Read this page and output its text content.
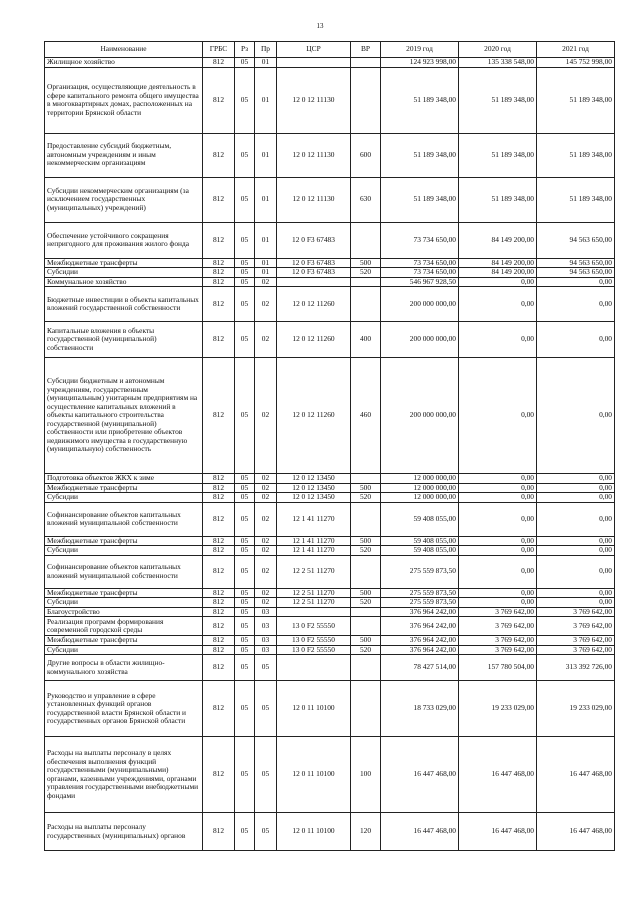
13
Наименование	ГРБС	Рз	Пр	ЦСР	ВР	2019 год	2020 год	2021 год
Жилищное хозяйство	812	05	01			124 923 998,00	135 338 548,00	145 752 998,00
Организация, осуществляющие деятельность в сфере капитального ремонта общего имущества в многоквартирных домах, расположенных на территории Брянской области	812	05	01	12 0 12 11130		51 189 348,00	51 189 348,00	51 189 348,00
Предоставление субсидий бюджетным, автономным учреждениям и иным некоммерческим организациям	812	05	01	12 0 12 11130	600	51 189 348,00	51 189 348,00	51 189 348,00
Субсидии некоммерческим организациям (за исключением государственных (муниципальных) учреждений)	812	05	01	12 0 12 11130	630	51 189 348,00	51 189 348,00	51 189 348,00
Обеспечение устойчивого сокращения непригодного для проживания жилого фонда	812	05	01	12 0 F3 67483		73 734 650,00	84 149 200,00	94 563 650,00
Межбюджетные трансферты	812	05	01	12 0 F3 67483	500	73 734 650,00	84 149 200,00	94 563 650,00
Субсидии	812	05	01	12 0 F3 67483	520	73 734 650,00	84 149 200,00	94 563 650,00
Коммунальное хозяйство	812	05	02			546 967 928,50	0,00	0,00
Бюджетные инвестиции в объекты капитальных вложений государственной собственности	812	05	02	12 0 12 11260		200 000 000,00	0,00	0,00
Капитальные вложения в объекты государственной (муниципальной) собственности	812	05	02	12 0 12 11260	400	200 000 000,00	0,00	0,00
Субсидии бюджетным и автономным учреждениям, государственным (муниципальным) унитарным предприятиям на осуществление капитальных вложений в объекты капитального строительства государственной (муниципальной) собственности или приобретение объектов недвижимого имущества в государственную (муниципальную) собственность	812	05	02	12 0 12 11260	460	200 000 000,00	0,00	0,00
Подготовка объектов ЖКХ к зиме	812	05	02	12 0 12 13450		12 000 000,00	0,00	0,00
Межбюджетные трансферты	812	05	02	12 0 12 13450	500	12 000 000,00	0,00	0,00
Субсидии	812	05	02	12 0 12 13450	520	12 000 000,00	0,00	0,00
Софинансирование объектов капитальных вложений муниципальной собственности	812	05	02	12 1 41 11270		59 408 055,00	0,00	0,00
Межбюджетные трансферты	812	05	02	12 1 41 11270	500	59 408 055,00	0,00	0,00
Субсидии	812	05	02	12 1 41 11270	520	59 408 055,00	0,00	0,00
Софинансирование объектов капитальных вложений муниципальной собственности	812	05	02	12 2 51 11270		275 559 873,50	0,00	0,00
Межбюджетные трансферты	812	05	02	12 2 51 11270	500	275 559 873,50	0,00	0,00
Субсидии	812	05	02	12 2 51 11270	520	275 559 873,50	0,00	0,00
Благоустройство	812	05	03			376 964 242,00	3 769 642,00	3 769 642,00
Реализация программ формирования современной городской среды	812	05	03	13 0 F2 55550		376 964 242,00	3 769 642,00	3 769 642,00
Межбюджетные трансферты	812	05	03	13 0 F2 55550	500	376 964 242,00	3 769 642,00	3 769 642,00
Субсидии	812	05	03	13 0 F2 55550	520	376 964 242,00	3 769 642,00	3 769 642,00
Другие вопросы в области жилищно-коммунального хозяйства	812	05	05			78 427 514,00	157 780 504,00	313 392 726,00
Руководство и управление в сфере установленных функций органов государственной власти Брянской области и государственных органов Брянской области	812	05	05	12 0 11 10100		18 733 029,00	19 233 029,00	19 233 029,00
Расходы на выплаты персоналу в целях обеспечения выполнения функций государственными (муниципальными) органами, казенными учреждениями, органами управления государственными внебюджетными фондами	812	05	05	12 0 11 10100	100	16 447 468,00	16 447 468,00	16 447 468,00
Расходы на выплаты персоналу государственных (муниципальных) органов	812	05	05	12 0 11 10100	120	16 447 468,00	16 447 468,00	16 447 468,00
